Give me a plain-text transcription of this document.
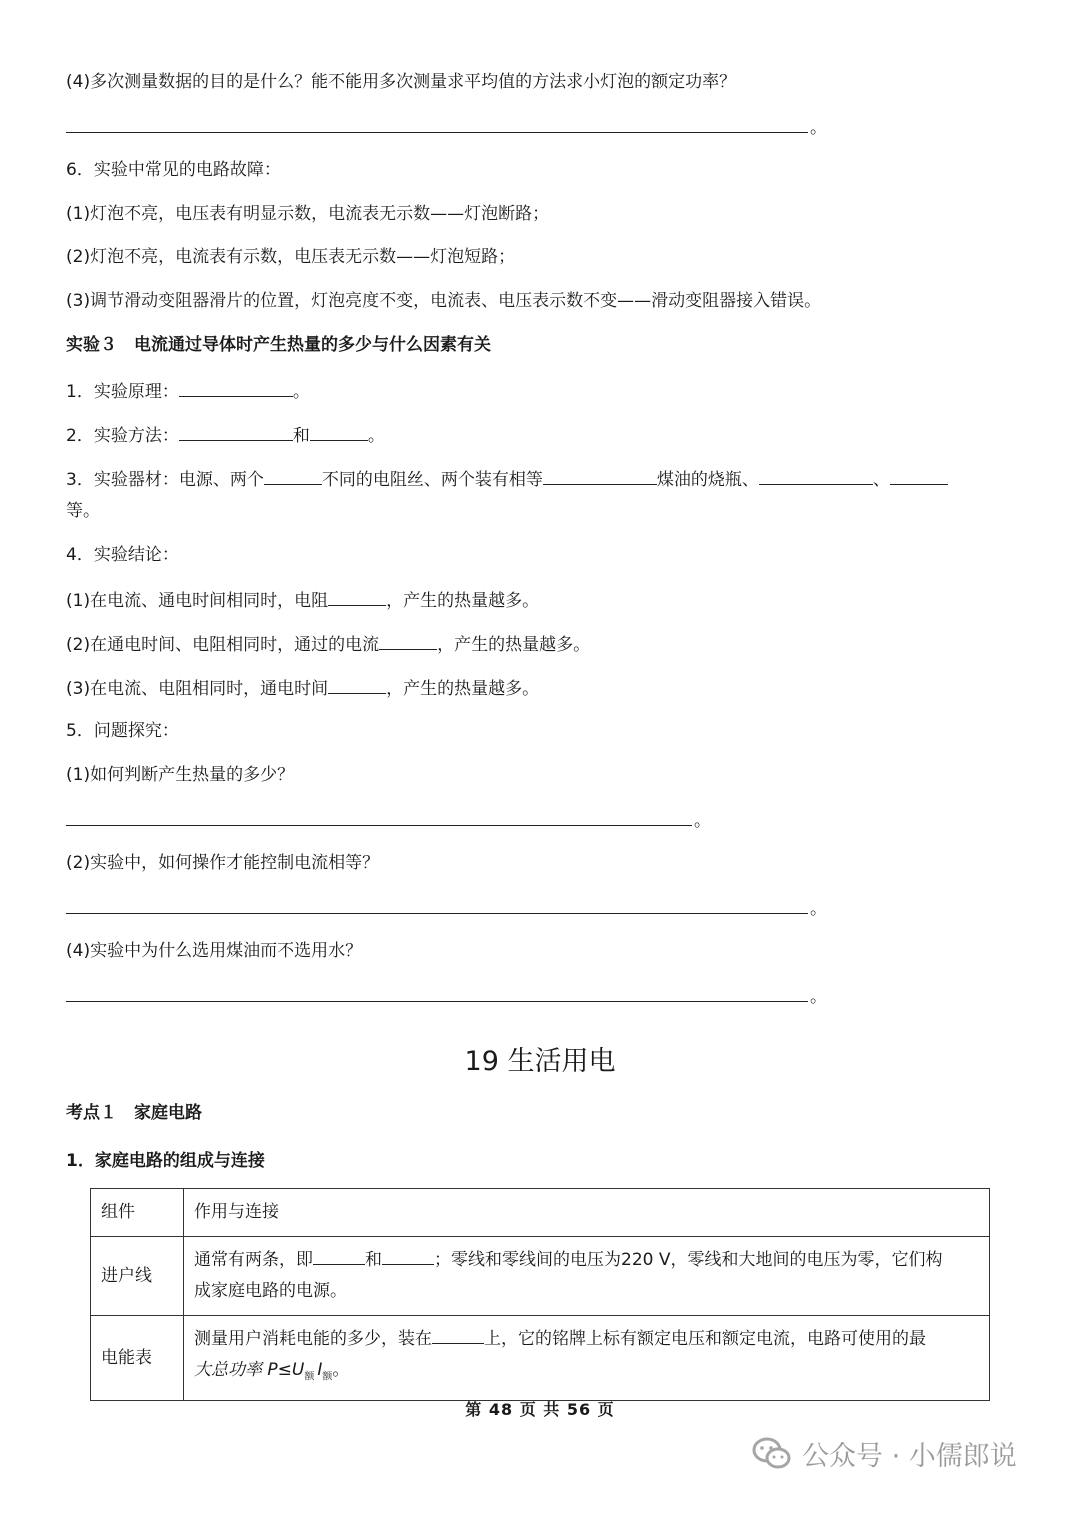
(4)多次测量数据的目的是什么？能不能用多次测量求平均值的方法求小灯泡的额定功率？
。
6．实验中常见的电路故障：
(1)灯泡不亮，电压表有明显示数，电流表无示数——灯泡断路；
(2)灯泡不亮，电流表有示数，电压表无示数——灯泡短路；
(3)调节滑动变阻器滑片的位置，灯泡亮度不变，电流表、电压表示数不变——滑动变阻器接入错误。
实验３　电流通过导体时产生热量的多少与什么因素有关
1．实验原理：	。
2．实验方法：	和	。
3．实验器材：电源、两个	不同的电阻丝、两个装有相等	煤油的烧瓶、	、
等。
4．实验结论：
(1)在电流、通电时间相同时，电阻	，产生的热量越多。
(2)在通电时间、电阻相同时，通过的电流	，产生的热量越多。
(3)在电流、电阻相同时，通电时间	，产生的热量越多。
5．问题探究：
(1)如何判断产生热量的多少？
。
(2)实验中，如何操作才能控制电流相等？
。
(4)实验中为什么选用煤油而不选用水？
。
19 生活用电
考点１　家庭电路
1．家庭电路的组成与连接
组件	作用与连接
进户线	通常有两条，即 和 ；零线和零线间的电压为220 V，零线和大地间的电压为零，它们构
成家庭电路的电源。

电能表	测量用户消耗电能的多少，装在 上，它的铭牌上标有额定电压和额定电流，电路可使用的最
大总功率 $P\le U_额$ $I_额$。
第 48 页 共 56 页
公众号 · 小儒郎说
